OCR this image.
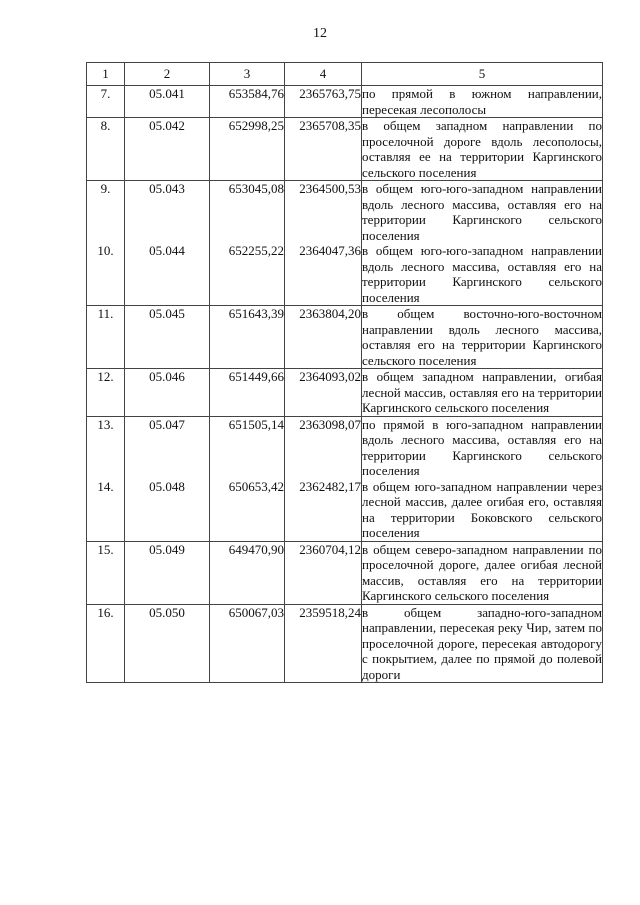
12
1	2	3	4	5
7.	05.041	653584,76	2365763,75	по прямой в южном направлении, пересекая лесополосы
8.	05.042	652998,25	2365708,35	в общем западном направлении по проселочной дороге вдоль лесополосы, оставляя ее на территории Каргинского сельского поселения
9.	05.043	653045,08	2364500,53	в общем юго-юго-западном направлении вдоль лесного массива, оставляя его на территории Каргинского сельского поселения
10.	05.044	652255,22	2364047,36	в общем юго-юго-западном направлении вдоль лесного массива, оставляя его на территории Каргинского сельского поселения
11.	05.045	651643,39	2363804,20	в общем восточно-юго-восточном направлении вдоль лесного массива, оставляя его на территории Каргинского сельского поселения
12.	05.046	651449,66	2364093,02	в общем западном направлении, огибая лесной массив, оставляя его на территории Каргинского сельского поселения
13.	05.047	651505,14	2363098,07	по прямой в юго-западном направлении вдоль лесного массива, оставляя его на территории Каргинского сельского поселения
14.	05.048	650653,42	2362482,17	в общем юго-западном направлении через лесной массив, далее огибая его, оставляя на территории Боковского сельского поселения
15.	05.049	649470,90	2360704,12	в общем северо-западном направлении по проселочной дороге, далее огибая лесной массив, оставляя его на территории Каргинского сельского поселения
16.	05.050	650067,03	2359518,24	в общем западно-юго-западном направлении, пересекая реку Чир, затем по проселочной дороге, пересекая автодорогу с покрытием, далее по прямой до полевой дороги
